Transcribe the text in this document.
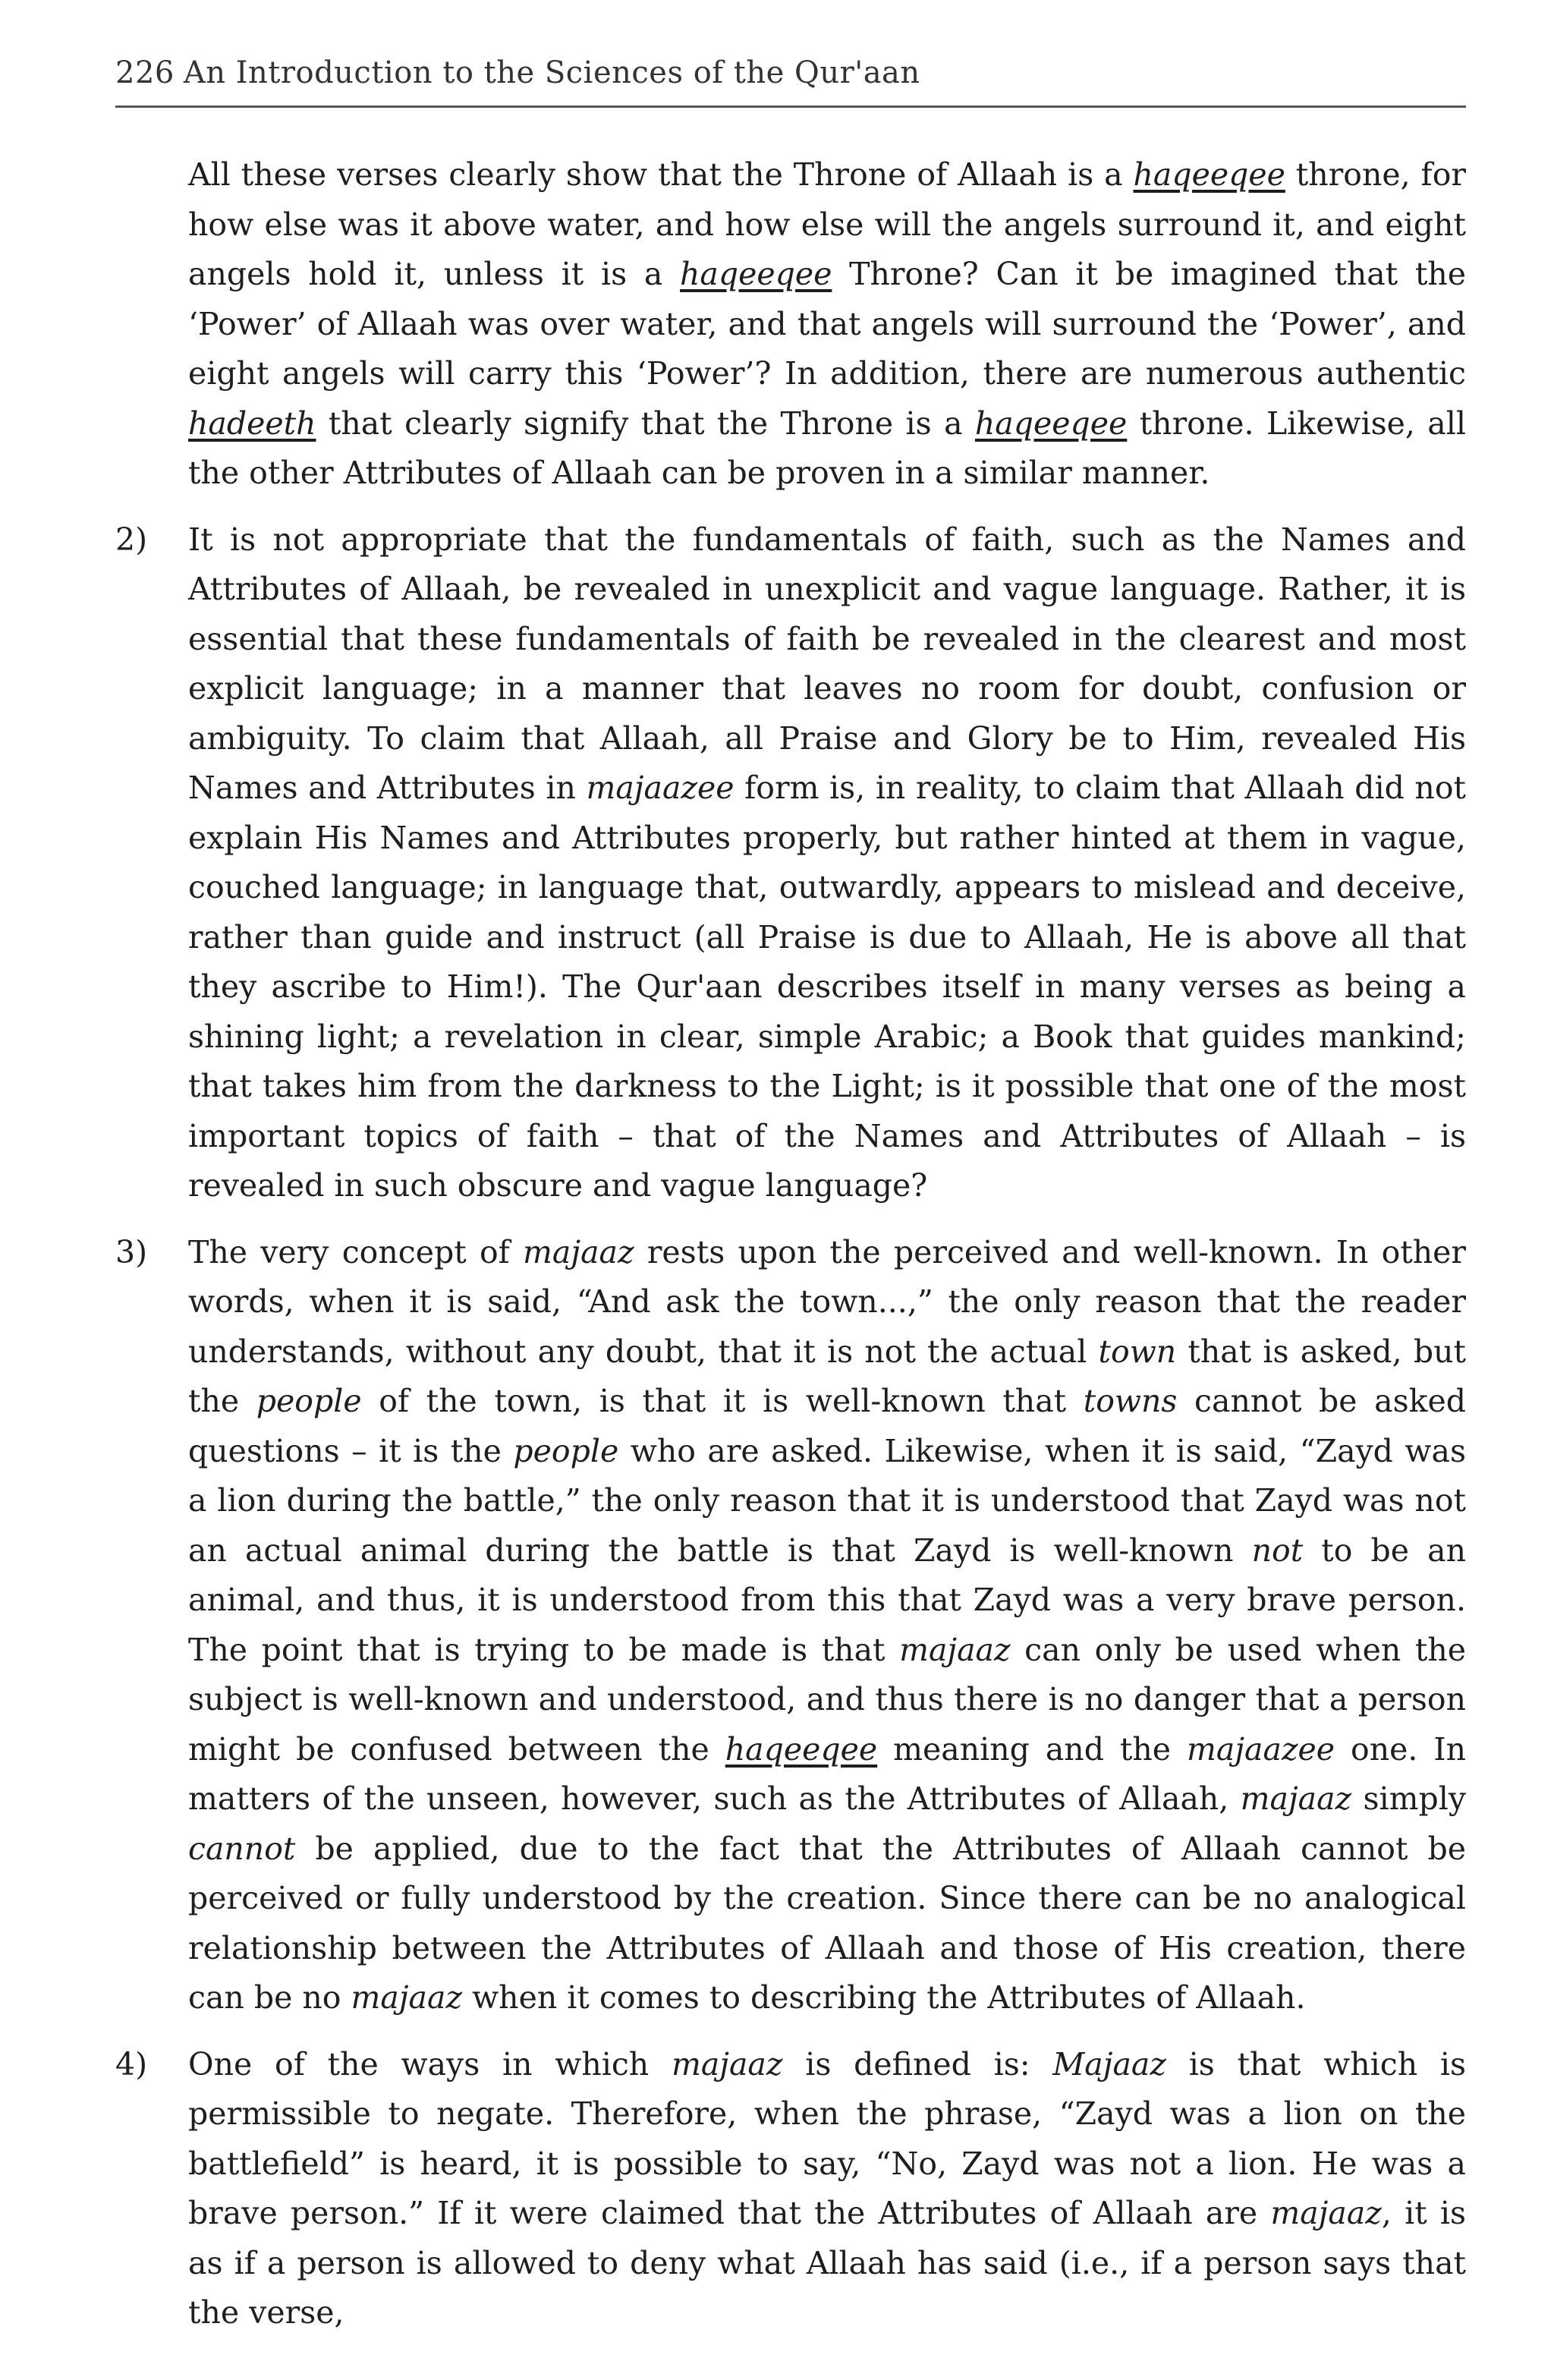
226 An Introduction to the Sciences of the Qur'aan

All these verses clearly show that the Throne of Allaah is a haqeeqee throne, for how else was it above water, and how else will the angels surround it, and eight angels hold it, unless it is a haqeeqee Throne? Can it be imagined that the ‘Power’ of Allaah was over water, and that angels will surround the ‘Power’, and eight angels will carry this ‘Power’? In addition, there are numerous authentic hadeeth that clearly signify that the Throne is a haqeeqee throne. Likewise, all the other Attributes of Allaah can be proven in a similar manner.

2)	It is not appropriate that the fundamentals of faith, such as the Names and Attributes of Allaah, be revealed in unexplicit and vague language. Rather, it is essential that these fundamentals of faith be revealed in the clearest and most explicit language; in a manner that leaves no room for doubt, confusion or ambiguity. To claim that Allaah, all Praise and Glory be to Him, revealed His Names and Attributes in majaazee form is, in reality, to claim that Allaah did not explain His Names and Attributes properly, but rather hinted at them in vague, couched language; in language that, outwardly, appears to mislead and deceive, rather than guide and instruct (all Praise is due to Allaah, He is above all that they ascribe to Him!). The Qur'aan describes itself in many verses as being a shining light; a revelation in clear, simple Arabic; a Book that guides mankind; that takes him from the darkness to the Light; is it possible that one of the most important topics of faith – that of the Names and Attributes of Allaah – is revealed in such obscure and vague language?

3)	The very concept of majaaz rests upon the perceived and well-known. In other words, when it is said, “And ask the town...,” the only reason that the reader understands, without any doubt, that it is not the actual town that is asked, but the people of the town, is that it is well-known that towns cannot be asked questions – it is the people who are asked. Likewise, when it is said, “Zayd was a lion during the battle,” the only reason that it is understood that Zayd was not an actual animal during the battle is that Zayd is well-known not to be an animal, and thus, it is understood from this that Zayd was a very brave person. The point that is trying to be made is that majaaz can only be used when the subject is well-known and understood, and thus there is no danger that a person might be confused between the haqeeqee meaning and the majaazee one. In matters of the unseen, however, such as the Attributes of Allaah, majaaz simply cannot be applied, due to the fact that the Attributes of Allaah cannot be perceived or fully understood by the creation. Since there can be no analogical relationship between the Attributes of Allaah and those of His creation, there can be no majaaz when it comes to describing the Attributes of Allaah.

4)	One of the ways in which majaaz is defined is: Majaaz is that which is permissible to negate. Therefore, when the phrase, “Zayd was a lion on the battlefield” is heard, it is possible to say, “No, Zayd was not a lion. He was a brave person.” If it were claimed that the Attributes of Allaah are majaaz, it is as if a person is allowed to deny what Allaah has said (i.e., if a person says that the verse,
